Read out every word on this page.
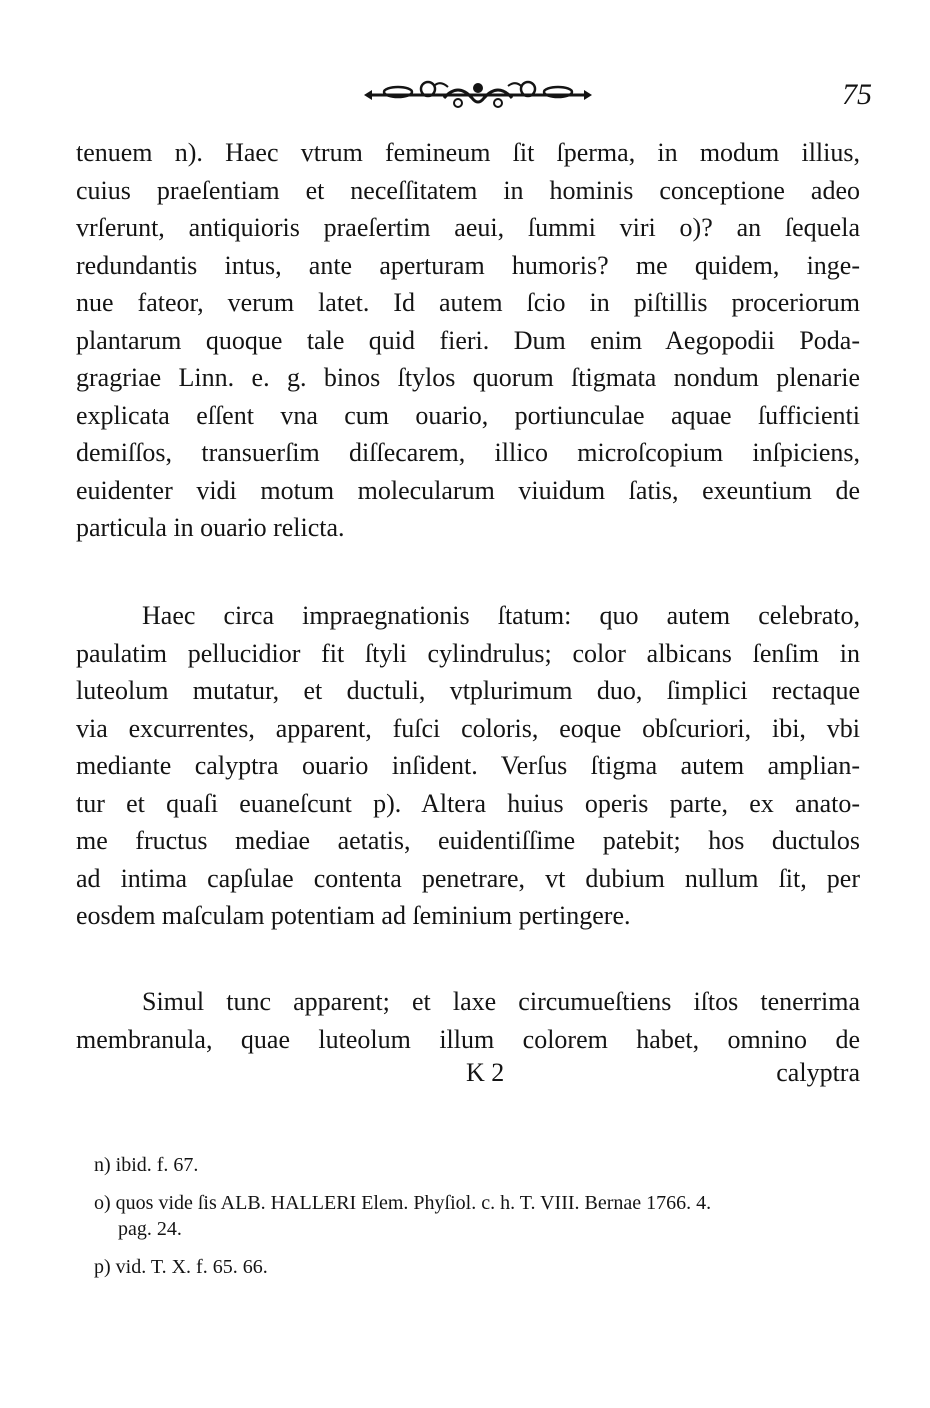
75
tenuem n). Haec vtrum femineum ſit ſperma, in modum illius,
cuius praeſentiam et neceſſitatem in hominis conceptione adeo
vrſerunt, antiquioris praeſertim aeui, ſummi viri o)? an ſequela
redundantis intus, ante aperturam humoris? me quidem, inge-
nue fateor, verum latet. Id autem ſcio in piſtillis proceriorum
plantarum quoque tale quid fieri. Dum enim Aegopodii Poda-
gragriae Linn. e. g. binos ſtylos quorum ſtigmata nondum plenarie
explicata eſſent vna cum ouario, portiunculae aquae ſufficienti
demiſſos, transuerſim diſſecarem, illico microſcopium inſpiciens,
euidenter vidi motum molecularum viuidum ſatis, exeuntium de
particula in ouario relicta.
Haec circa impraegnationis ſtatum: quo autem celebrato,
paulatim pellucidior fit ſtyli cylindrulus; color albicans ſenſim in
luteolum mutatur, et ductuli, vtplurimum duo, ſimplici rectaque
via excurrentes, apparent, fuſci coloris, eoque obſcuriori, ibi, vbi
mediante calyptra ouario inſident. Verſus ſtigma autem amplian-
tur et quaſi euaneſcunt p). Altera huius operis parte, ex anato-
me fructus mediae aetatis, euidentiſſime patebit; hos ductulos
ad intima capſulae contenta penetrare, vt dubium nullum ſit, per
eosdem maſculam potentiam ad ſeminium pertingere.
Simul tunc apparent; et laxe circumueſtiens iſtos tenerrima
membranula, quae luteolum illum colorem habet, omnino de
K 2	calyptra
n) ibid. f. 67.
o) quos vide ſis ALB. HALLERI Elem. Phyſiol. c. h. T. VIII. Bernae 1766. 4.
pag. 24.
p) vid. T. X. f. 65. 66.
